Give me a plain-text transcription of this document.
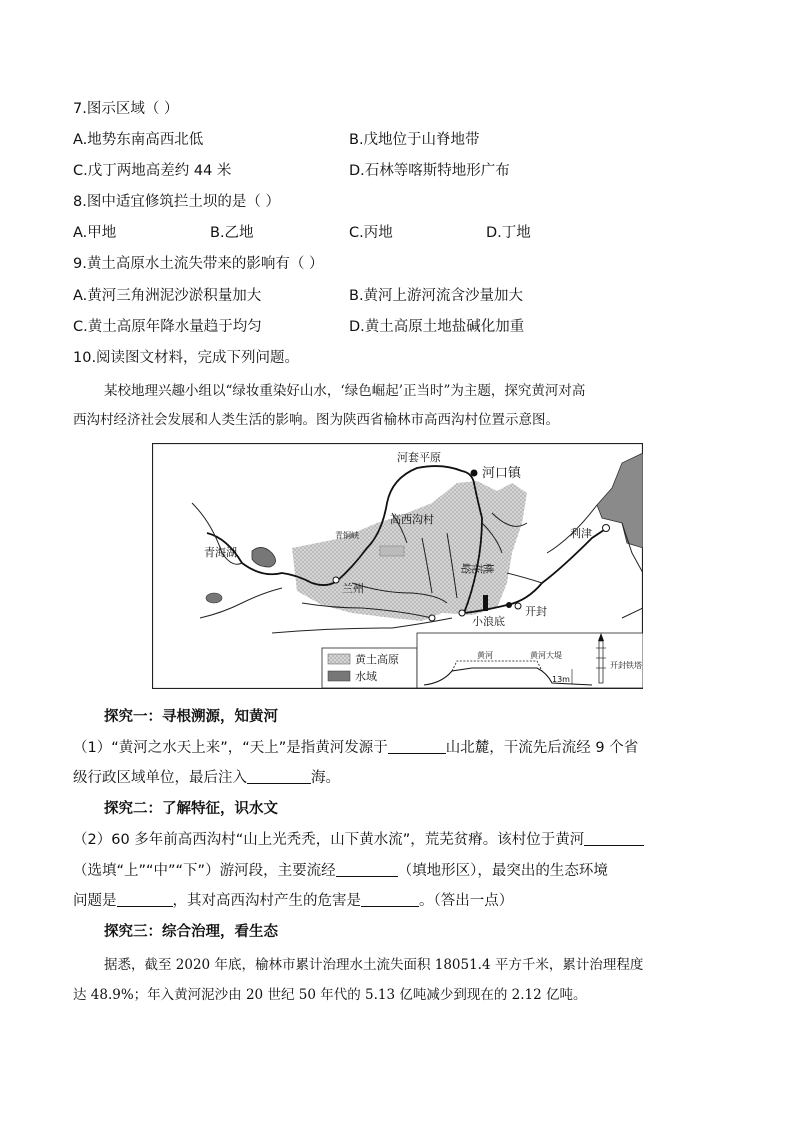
7.图示区域（ ）
A.地势东南高西北低	B.戊地位于山脊地带
C.戊丁两地高差约 44 米	D.石林等喀斯特地形广布
8.图中适宜修筑拦土坝的是（ ）
A.甲地	B.乙地	C.丙地	D.丁地
9.黄土高原水土流失带来的影响有（ ）
A.黄河三角洲泥沙淤积量加大	B.黄河上游河流含沙量加大
C.黄土高原年降水量趋于均匀	D.黄土高原土地盐碱化加重
10.阅读图文材料，完成下列问题。
某校地理兴趣小组以“绿妆重染好山水，‘绿色崛起’正当时”为主题，探究黄河对高
西沟村经济社会发展和人类生活的影响。图为陕西省榆林市高西沟村位置示意图。
河套平原
河口镇
高西沟村
青铜峡
青海湖
兰州
利津
桃花峪
小浪底
开封
黄土高原
水域
黄河	黄河大堤
13m
开封铁塔
探究一：寻根溯源，知黄河
（1）“黄河之水天上来”，“天上”是指黄河发源于	山北麓，干流先后流经 9 个省
级行政区域单位，最后注入	海。
探究二：了解特征，识水文
（2）60 多年前高西沟村“山上光秃秃，山下黄水流”，荒芜贫瘠。该村位于黄河
（选填“上”“中”“下”）游河段，主要流经	（填地形区），最突出的生态环境
问题是	，其对高西沟村产生的危害是	。（答出一点）
探究三：综合治理，看生态
据悉，截至 2020 年底，榆林市累计治理水土流失面积 18051.4 平方千米，累计治理程度
达 48.9%；年入黄河泥沙由 20 世纪 50 年代的 5.13 亿吨减少到现在的 2.12 亿吨。
